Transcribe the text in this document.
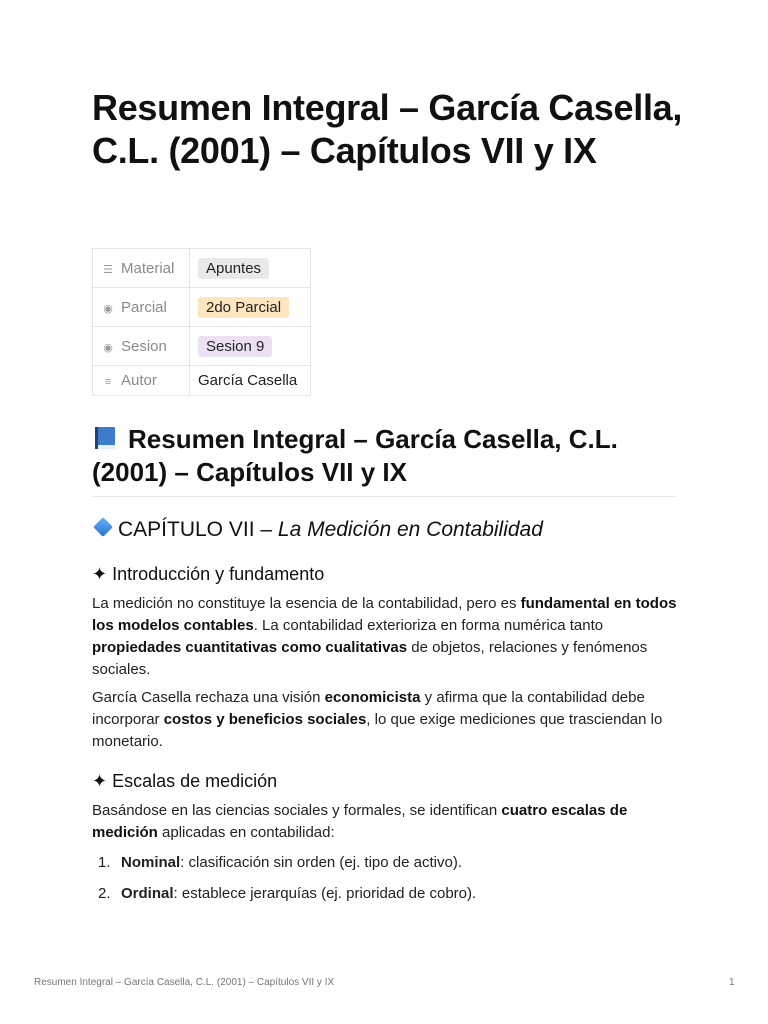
Resumen Integral – García Casella, C.L. (2001) – Capítulos VII y IX
☰ Material	Apuntes
◉ Parcial	2do Parcial
◉ Sesion	Sesion 9
≡ Autor	García Casella
Resumen Integral – García Casella, C.L. (2001) – Capítulos VII y IX
CAPÍTULO VII – La Medición en Contabilidad
✦ Introducción y fundamento

La medición no constituye la esencia de la contabilidad, pero es fundamental en todos los modelos contables. La contabilidad exterioriza en forma numérica tanto propiedades cuantitativas como cualitativas de objetos, relaciones y fenómenos sociales.

García Casella rechaza una visión economicista y afirma que la contabilidad debe incorporar costos y beneficios sociales, lo que exige mediciones que trasciendan lo monetario.

✦ Escalas de medición

Basándose en las ciencias sociales y formales, se identifican cuatro escalas de medición aplicadas en contabilidad:

1. Nominal: clasificación sin orden (ej. tipo de activo).
2. Ordinal: establece jerarquías (ej. prioridad de cobro).
Resumen Integral – García Casella, C.L. (2001) – Capítulos VII y IX	1
